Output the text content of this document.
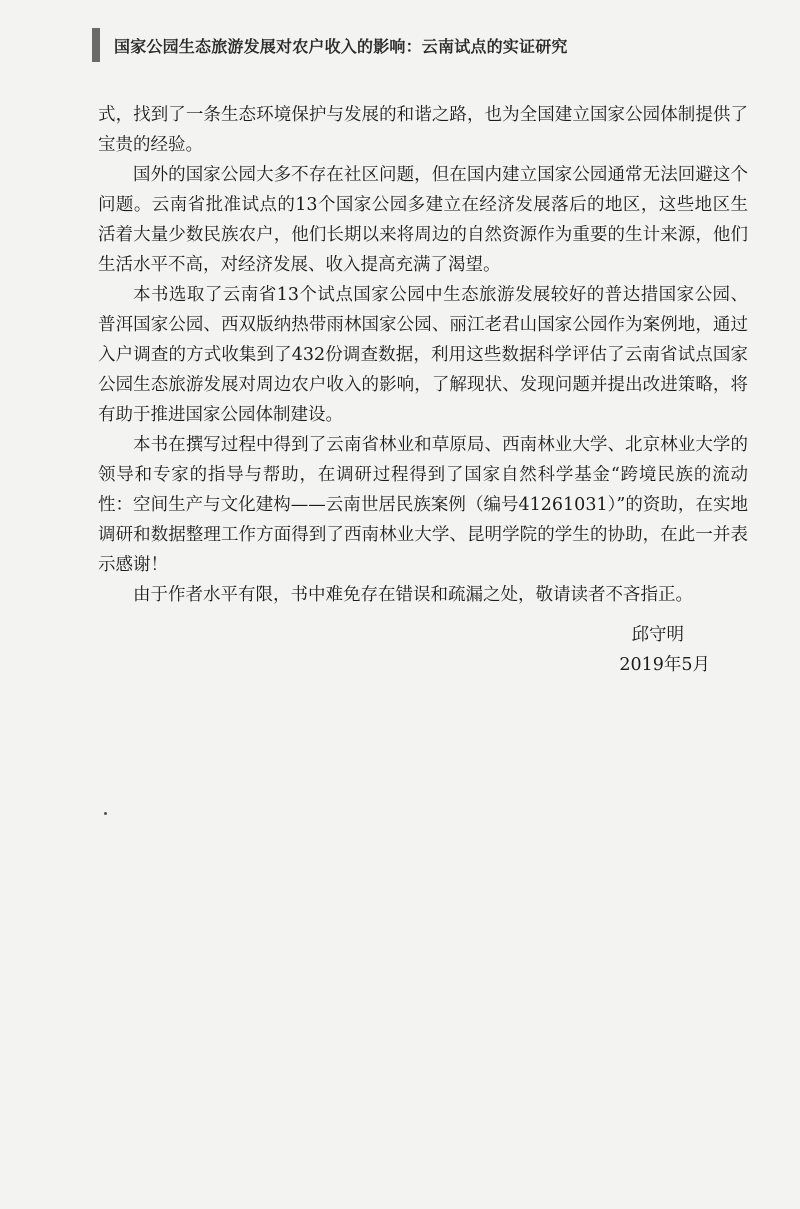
国家公园生态旅游发展对农户收入的影响：云南试点的实证研究

式，找到了一条生态环境保护与发展的和谐之路，也为全国建立国家公园体制提供了宝贵的经验。

国外的国家公园大多不存在社区问题，但在国内建立国家公园通常无法回避这个问题。云南省批准试点的13个国家公园多建立在经济发展落后的地区，这些地区生活着大量少数民族农户，他们长期以来将周边的自然资源作为重要的生计来源，他们生活水平不高，对经济发展、收入提高充满了渴望。

本书选取了云南省13个试点国家公园中生态旅游发展较好的普达措国家公园、普洱国家公园、西双版纳热带雨林国家公园、丽江老君山国家公园作为案例地，通过入户调查的方式收集到了432份调查数据，利用这些数据科学评估了云南省试点国家公园生态旅游发展对周边农户收入的影响，了解现状、发现问题并提出改进策略，将有助于推进国家公园体制建设。

本书在撰写过程中得到了云南省林业和草原局、西南林业大学、北京林业大学的领导和专家的指导与帮助，在调研过程得到了国家自然科学基金“跨境民族的流动性：空间生产与文化建构——云南世居民族案例（编号41261031）”的资助，在实地调研和数据整理工作方面得到了西南林业大学、昆明学院的学生的协助，在此一并表示感谢！

由于作者水平有限，书中难免存在错误和疏漏之处，敬请读者不吝指正。

邱守明
2019年5月
